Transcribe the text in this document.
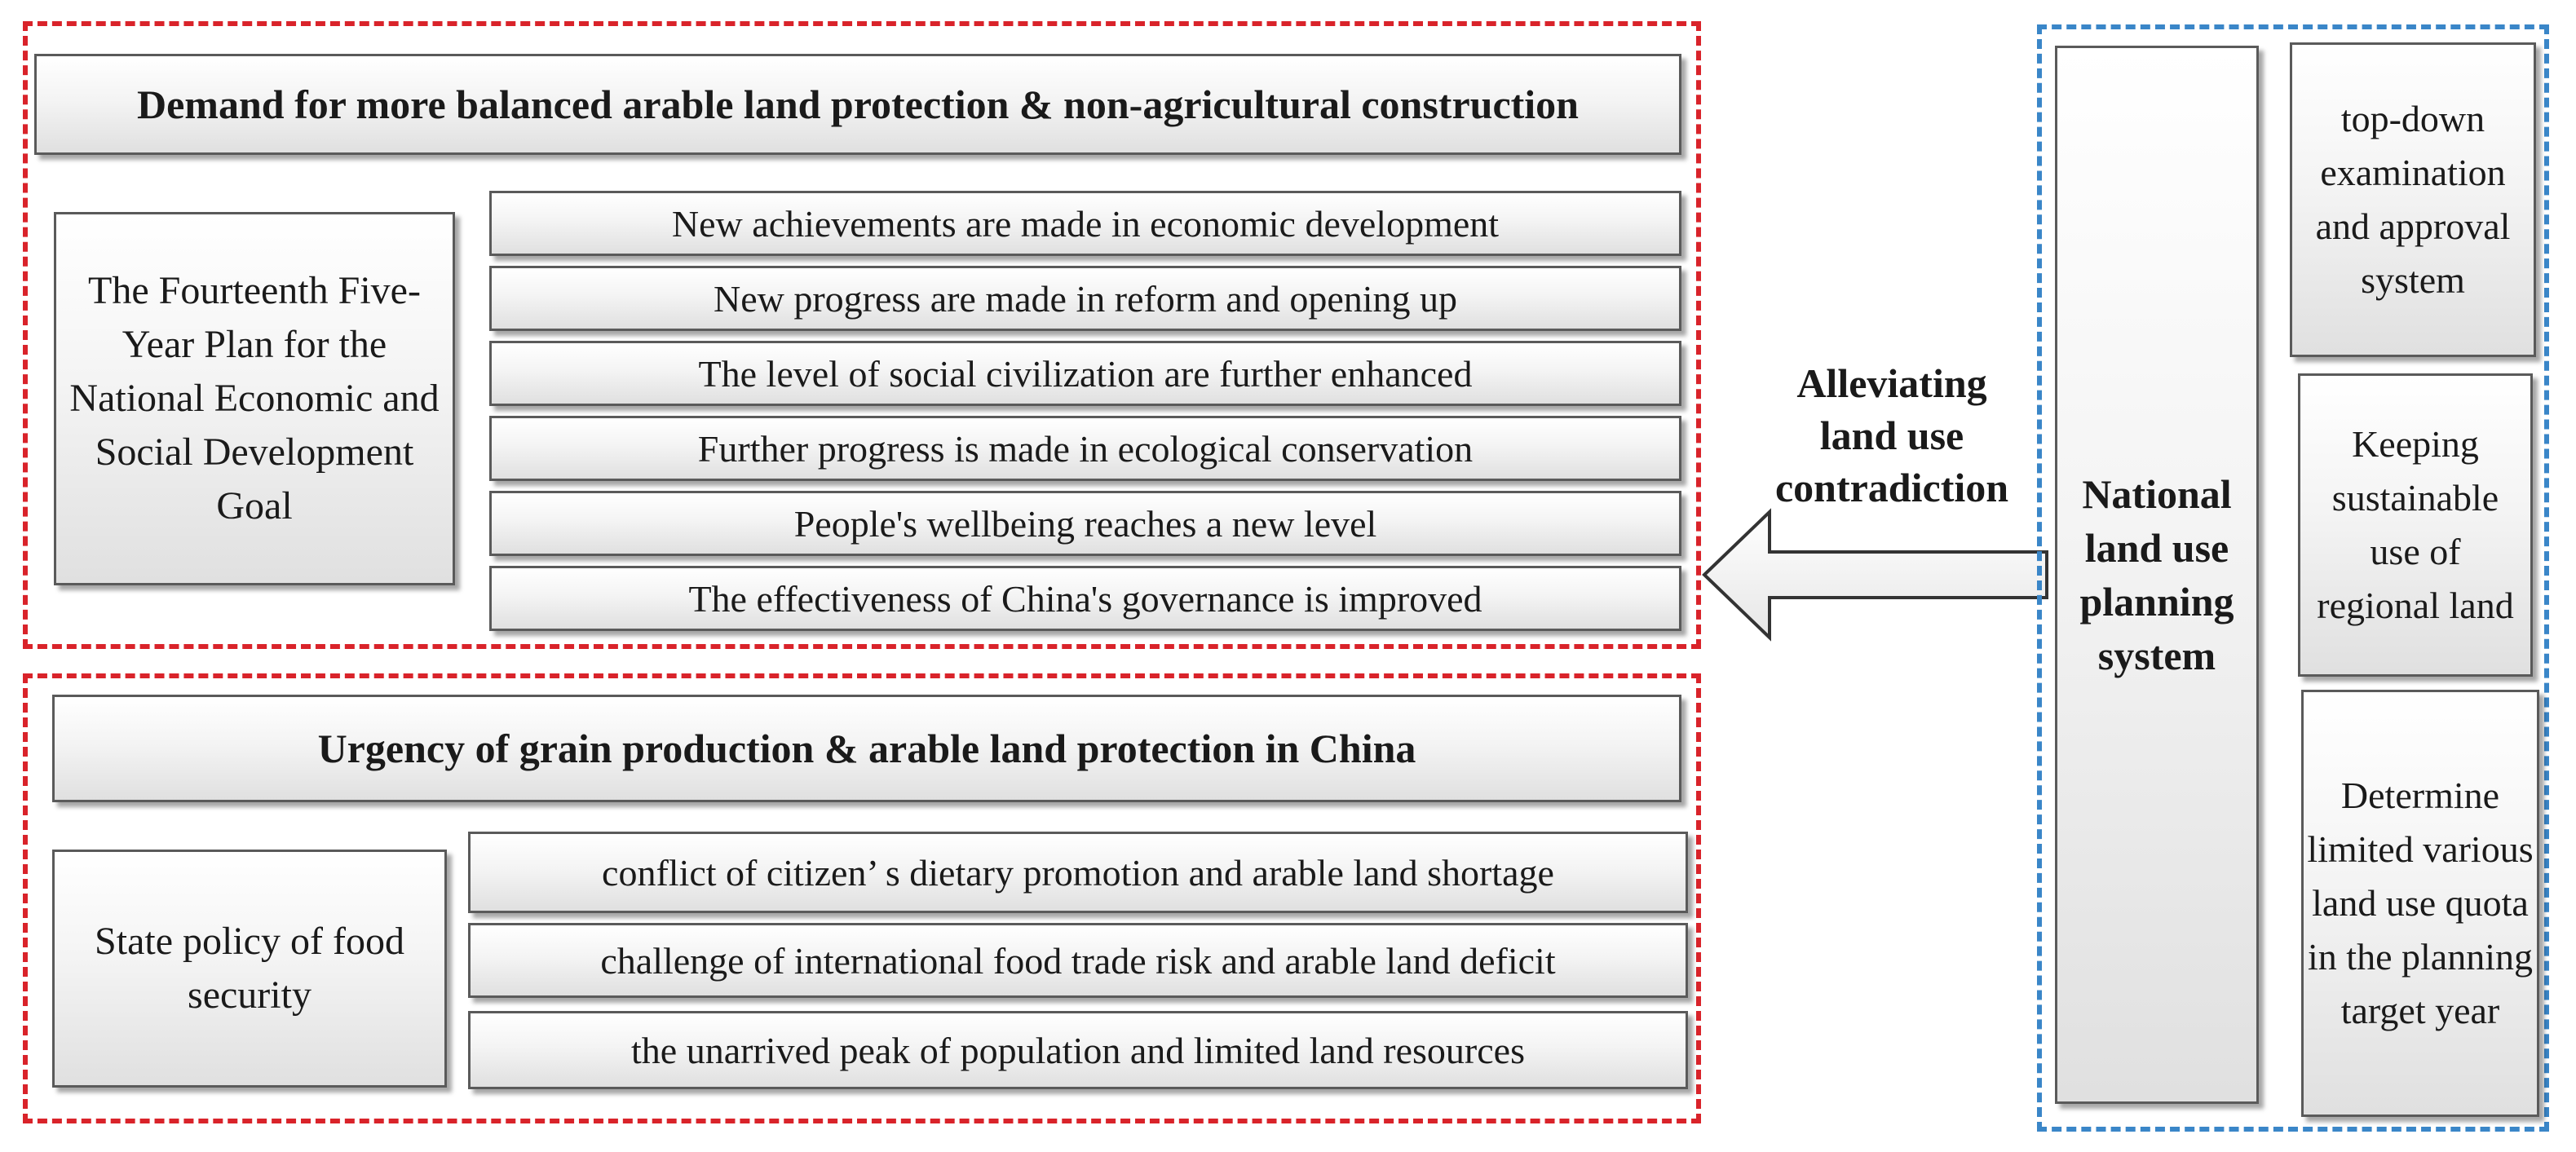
Demand for more balanced arable land protection & non-agricultural construction
The Fourteenth Five-Year Plan for the National Economic and Social Development Goal
New achievements are made in economic development
New progress are made in reform and opening up
The level of social civilization are further enhanced
Further progress is made in ecological conservation
People's wellbeing reaches a new level
The effectiveness of China's governance is improved
Urgency of grain production & arable land protection in China
State policy of food security
conflict of citizen’ s dietary promotion and arable land shortage
challenge of international food trade risk and arable land deficit
the unarrived peak of population and limited land resources
Alleviating land use contradiction	National land use planning system
top-down examination and approval system
Keeping sustainable use of regional land
Determine limited various land use quota in the planning target year
